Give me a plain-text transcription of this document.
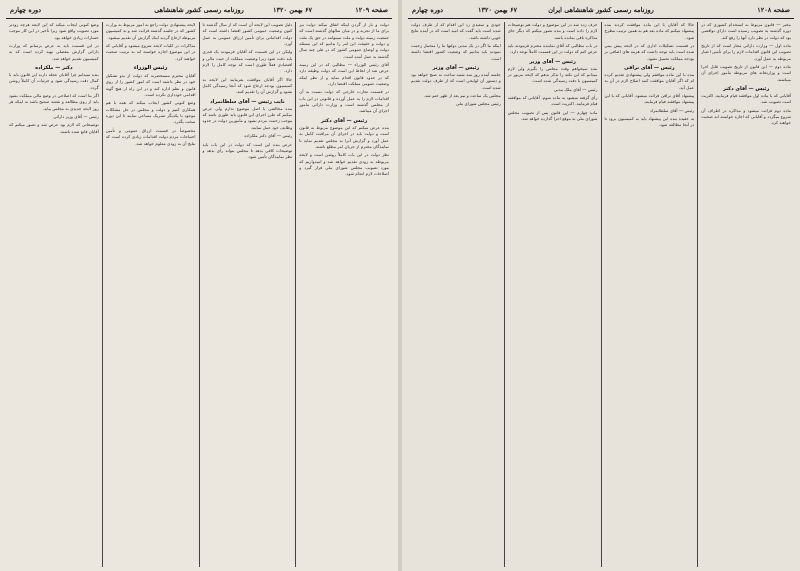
صفحه ۱۲۰۹
روزنامه رسمی کشور شاهنشاهی
دوره چهارم	۶۷ بهمن ۱۳۲۰

دولت و بار از گردن اینکه اتفاق میکند دولت نیز برای ما از تجربه و در میان سالهای گذشته است که جمعیت زمینه دولت و ملت نمیتوانند در حق یک ملت و دولت و حقیقت این امر را بدانیم که این مسئله دولت و اوضاع عمومی کشور که در طی چند سال گذشته به عمل آمده است.

آقای رئیس الوزراء — مطالبی که در این زمینه عرض شد از لحاظ این است که دولت وظیفه دارد که در حدود قانون اقدام نماید و از نظر اینکه وضعیت عمومی مملکت اقتضا دارد.

در قسمت تجارت خارجی که دولت نسبت به آن اقدامات لازم را به عمل آورده و قانونی در این باب از مجلس گذشته است و وزارت دارائی مامور اجرای آن میباشد.

رئیس — آقای دکتر

بنده عرض میکنم که این موضوع مربوط به قانون است و دولت باید در اجرای آن مراقبت کامل به عمل آورد و گزارش آنرا به مجلس تقدیم نماید تا نمایندگان محترم از جریان امر مطلع باشند.

نظر دولت در این باب کاملاً روشن است و لایحه مربوطه به زودی تقدیم خواهد شد و امیدواریم که مورد تصویب مجلس شورای ملی قرار گیرد و اصلاحات لازم انجام شود.

دلیل تصویب این لایحه آن است که از سال گذشته تا کنون وضعیت عمومی کشور اقتضا داشته است که دولت اقداماتی برای تأمین ارزاق عمومی به عمل آورد.

ولیکن در این قسمت که آقایان فرمودند یک قدری باید دقت شود زیرا وضعیت مملکت از حیث مالی و اقتصادی فعلاً طوری است که توجه کامل را لازم دارد.

حالا اگر آقایان موافقت بفرمایند این لایحه به کمیسیون بودجه ارجاع شود که آنجا رسیدگی کامل بشود و گزارش آن را تقدیم کنند.

نایب رئیس — آقای سلطانمراد

بنده مخالفتی با اصل موضوع ندارم ولی عرض میکنم که طرز اجرای این قانون باید طوری باشد که موجب زحمت مردم نشود و مأمورین دولت در حدود وظایف خود عمل نمایند.

رئیس — آقای دکتر ملکزاده

عرض بنده این است که دولت در این باب باید توضیحات کافی بدهد تا مجلس بتواند رأی بدهد و نظر نمایندگان تأمین شود.

لایحه پیشنهادی دولت راجع به امور مربوط به وزارت کشور که در جلسه گذشته قرائت شد و به کمیسیون مربوطه ارجاع گردید اینک گزارش آن تقدیم میشود.

مذاکرات در کلیات لایحه شروع میشود و آقایانی که در این موضوع اجازه خواسته اند به ترتیب صحبت خواهند کرد.

رئیس الوزراء

آقایان محترم مستحضرند که دولت از بدو تشکیل خود در نظر داشته است که امور کشور را از روی قانون و نظم اداره کند و در این راه از هیچ گونه اقدامی خودداری نکرده است.

وضع کنونی کشور ایجاب میکند که همه با هم همکاری کنیم و دولت و مجلس در حل مشکلات موجود با یکدیگر تشریک مساعی نمایند تا این دوره سخت بگذرد.

مخصوصاً در قسمت ارزاق عمومی و تأمین احتیاجات مردم دولت اقدامات زیادی کرده است که نتایج آن به زودی معلوم خواهد شد.

وضع کنونی ایجاب میکند که این لایحه هرچه زودتر مورد تصویب واقع شود زیرا تأخیر در این کار موجب خسارات زیادی خواهد بود.

در این قسمت باید به عرض برسانم که وزارت دارائی گزارش مفصلی تهیه کرده است که به کمیسیون تقدیم خواهد شد.

دکتر — ملکزاده

بنده نمیدانم چرا آقایان عجله دارند این قانون باید با کمال دقت رسیدگی شود و جزئیات آن کاملاً روشن گردد.

اگر بنا است که اصلاحی در وضع مالی مملکت بشود باید از روی مطالعه و نقشه صحیح باشد نه اینکه هر روز لایحه جدیدی به مجلس بیاید.

رئیس — آقای وزیر دارائی

توضیحاتی که لازم بود عرض شد و تصور میکنم که آقایان قانع شده باشند.

صفحه ۱۲۰۸
روزنامه رسمی کشور شاهنشاهی ایران
دوره چهارم	۶۷ بهمن ۱۳۲۰

مخبر — قانون مربوط به استخدام کشوری که در دوره گذشته به تصویب رسیده است دارای نواقصی بود که دولت در نظر دارد آنها را رفع کند.

ماده اول — وزارت دارائی مجاز است که از تاریخ تصویب این قانون اقدامات لازم را برای تأمین اعتبار مربوطه به عمل آورد.

ماده دوم — این قانون از تاریخ تصویب قابل اجرا است و وزارتخانه های مربوطه مأمور اجرای آن میباشند.

رئیس — آقای دکتر

آقایانی که با ماده اول موافقند قیام فرمایند. اکثریت است تصویب شد.

ماده دوم قرائت میشود و مذاکره در اطراف آن شروع میگردد و آقایانی که اجازه خواسته اند صحبت خواهند کرد.

حالا که آقایان با این ماده موافقت کردند بنده پیشنهاد میکنم که ماده بعد هم به همین ترتیب مطرح شود.

در قسمت تشکیلات اداری که در لایحه پیش بینی شده است باید توجه داشت که هزینه های اضافی بر بودجه مملکت تحمیل نشود.

رئیس — آقای نراقی

بنده با این ماده موافقم ولی پیشنهادی تقدیم کرده ام که اگر آقایان موافقت کنند اصلاح لازم در آن به عمل آید.

پیشنهاد آقای نراقی قرائت میشود. آقایانی که با این پیشنهاد موافقند قیام فرمایند.

رئیس — آقای سلطانمراد

به عقیده بنده این پیشنهاد باید به کمیسیون برود تا در آنجا مطالعه شود.

حرف زده شد در این موضوع و دولت هم توضیحات لازم را داده است و بنده تصور میکنم که دیگر جای مذاکره باقی نمانده باشد.

در باب مطالبی که آقای نماینده محترم فرمودند باید عرض کنم که دولت در این قسمت کاملاً توجه دارد.

رئیس — آقای وزیر

بنده نمیخواهم وقت مجلس را بگیرم ولی لازم میدانم که این نکته را تذکر بدهم که لایحه مزبور در کمیسیون با دقت رسیدگی شده است.

رئیس — آقای ملک مدنی

رأی گرفته میشود به ماده سوم. آقایانی که موافقند قیام فرمایند. اکثریت است.

ماده چهارم — این قانون پس از تصویب مجلس شورای ملی به موقع اجرا گذارده خواهد شد.

خودی و سعیدی رد این اقدام که از طرف دولت شده است باید گفت که امید است که در آینده نتایج خوبی داشته باشد.

اینکه ما اگر در یک مدتی دولتها ما را متحمل زحمت نمودند باید بدانیم که وضعیت کشور اقتضا داشته است.

رئیس — آقای وزیر

جلسه آینده روز سه شنبه ساعت نه صبح خواهد بود و دستور آن لوایحی است که از طرف دولت تقدیم شده است.

مجلس یک ساعت و نیم بعد از ظهر ختم شد.

رئیس مجلس شورای ملی
